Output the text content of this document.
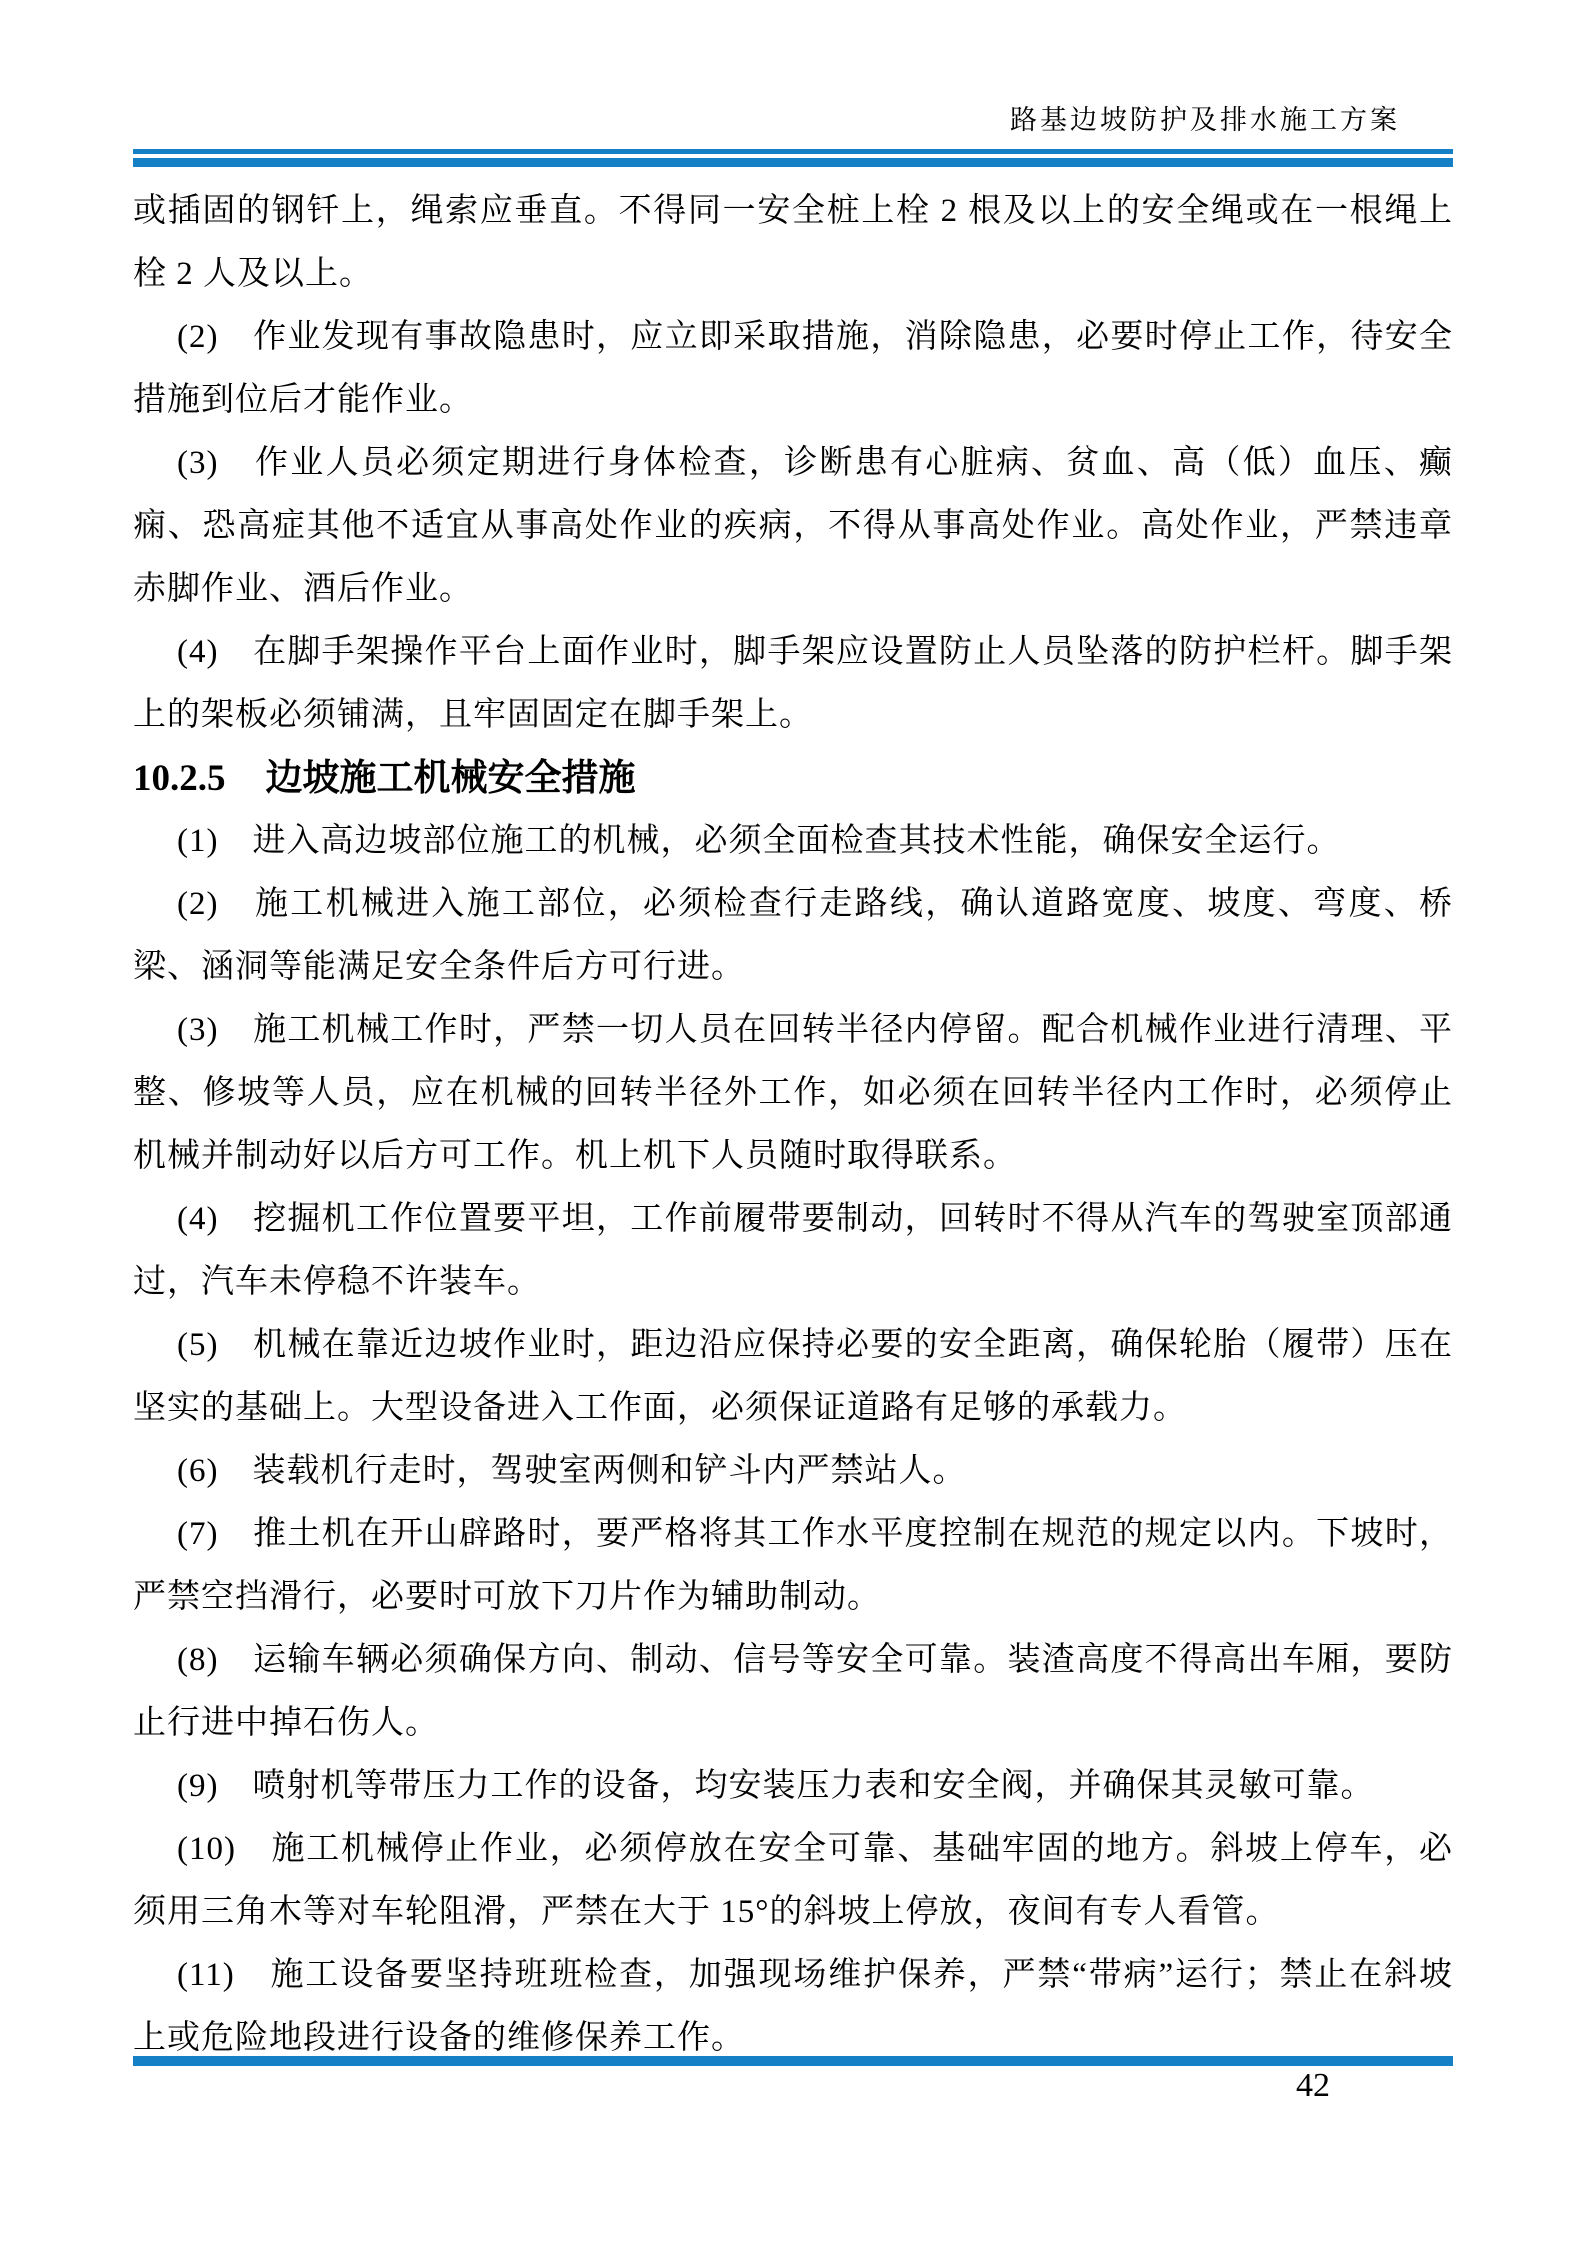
路基边坡防护及排水施工方案

或插固的钢钎上，绳索应垂直。不得同一安全桩上栓 2 根及以上的安全绳或在一根绳上栓 2 人及以上。

(2)　作业发现有事故隐患时，应立即采取措施，消除隐患，必要时停止工作，待安全措施到位后才能作业。

(3)　作业人员必须定期进行身体检查，诊断患有心脏病、贫血、高（低）血压、癫痫、恐高症其他不适宜从事高处作业的疾病，不得从事高处作业。高处作业，严禁违章赤脚作业、酒后作业。

(4)　在脚手架操作平台上面作业时，脚手架应设置防止人员坠落的防护栏杆。脚手架上的架板必须铺满，且牢固固定在脚手架上。

10.2.5 边坡施工机械安全措施

(1)　进入高边坡部位施工的机械，必须全面检查其技术性能，确保安全运行。

(2)　施工机械进入施工部位，必须检查行走路线，确认道路宽度、坡度、弯度、桥梁、涵洞等能满足安全条件后方可行进。

(3)　施工机械工作时，严禁一切人员在回转半径内停留。配合机械作业进行清理、平整、修坡等人员，应在机械的回转半径外工作，如必须在回转半径内工作时，必须停止机械并制动好以后方可工作。机上机下人员随时取得联系。

(4)　挖掘机工作位置要平坦，工作前履带要制动，回转时不得从汽车的驾驶室顶部通过，汽车未停稳不许装车。

(5)　机械在靠近边坡作业时，距边沿应保持必要的安全距离，确保轮胎（履带）压在坚实的基础上。大型设备进入工作面，必须保证道路有足够的承载力。

(6)　装载机行走时，驾驶室两侧和铲斗内严禁站人。

(7)　推土机在开山辟路时，要严格将其工作水平度控制在规范的规定以内。下坡时，严禁空挡滑行，必要时可放下刀片作为辅助制动。

(8)　运输车辆必须确保方向、制动、信号等安全可靠。装渣高度不得高出车厢，要防止行进中掉石伤人。

(9)　喷射机等带压力工作的设备，均安装压力表和安全阀，并确保其灵敏可靠。

(10)　施工机械停止作业，必须停放在安全可靠、基础牢固的地方。斜坡上停车，必须用三角木等对车轮阻滑，严禁在大于 15°的斜坡上停放，夜间有专人看管。

(11)　施工设备要坚持班班检查，加强现场维护保养，严禁“带病”运行；禁止在斜坡上或危险地段进行设备的维修保养工作。

42
